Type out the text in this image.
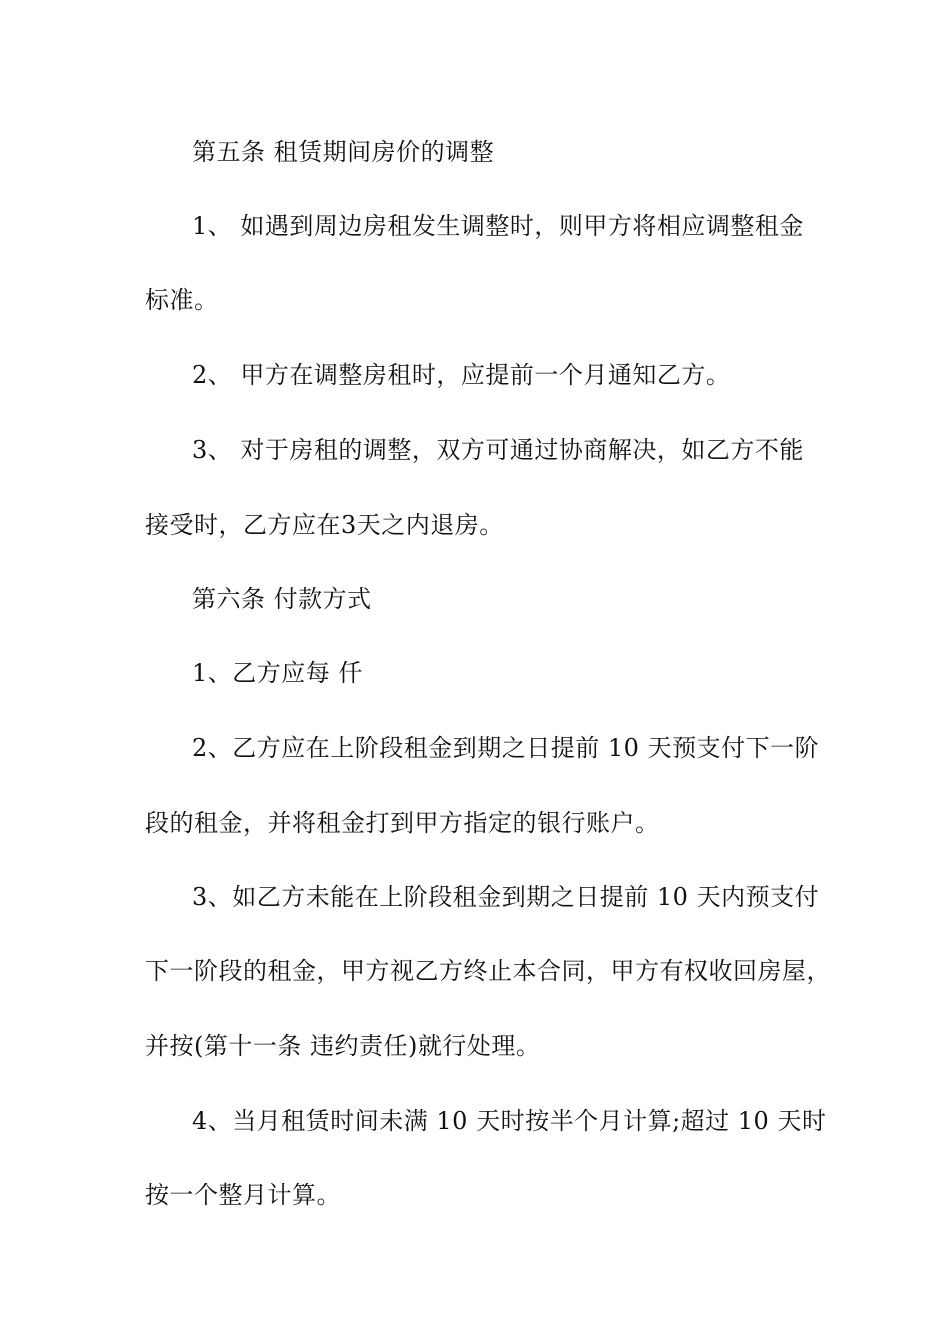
第五条 租赁期间房价的调整
1、 如遇到周边房租发生调整时，则甲方将相应调整租金
标准。
2、 甲方在调整房租时，应提前一个月通知乙方。
3、 对于房租的调整，双方可通过协商解决，如乙方不能
接受时，乙方应在3天之内退房。
第六条 付款方式
1、乙方应每 仟
2、乙方应在上阶段租金到期之日提前 10 天预支付下一阶
段的租金，并将租金打到甲方指定的银行账户。
3、如乙方未能在上阶段租金到期之日提前 10 天内预支付
下一阶段的租金，甲方视乙方终止本合同，甲方有权收回房屋，
并按(第十一条 违约责任)就行处理。
4、当月租赁时间未满 10 天时按半个月计算;超过 10 天时
按一个整月计算。
